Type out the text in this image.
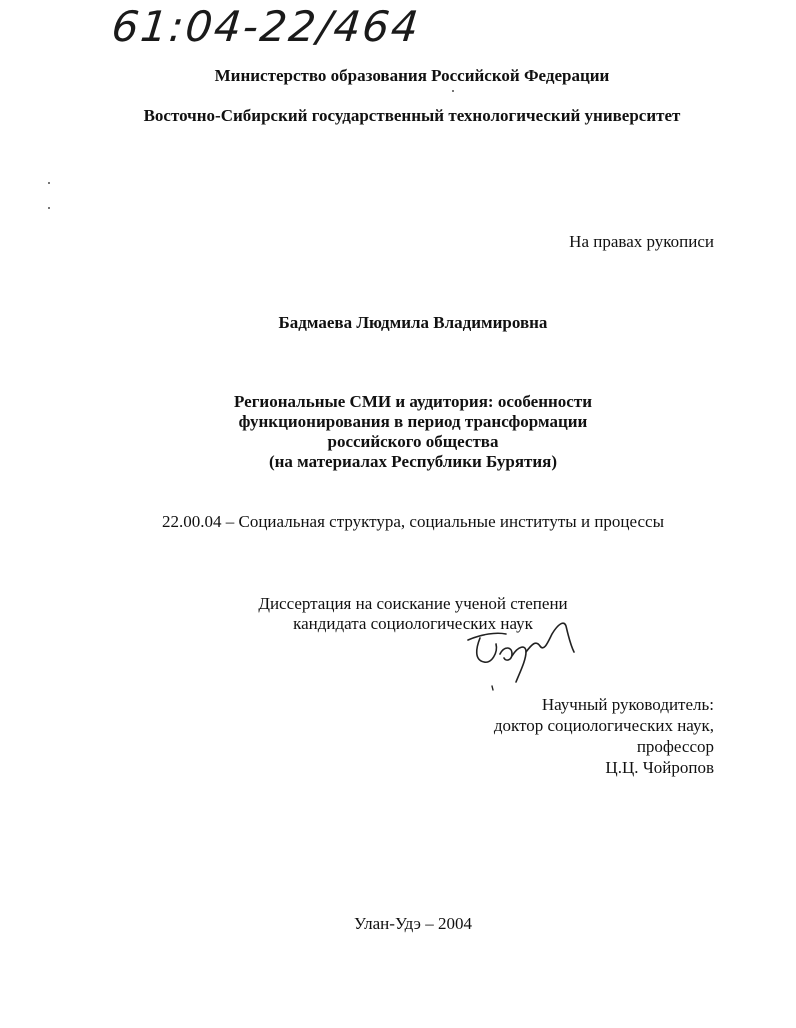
61:04-22/464
Министерство образования Российской Федерации
Восточно-Сибирский государственный технологический университет
На правах рукописи
Бадмаева Людмила Владимировна
Региональные СМИ и аудитория: особенности
функционирования в период трансформации
российского общества
(на материалах Республики Бурятия)
22.00.04 – Социальная структура, социальные институты и процессы
Диссертация на соискание ученой степени
кандидата социологических наук
Научный руководитель:
доктор социологических наук,
профессор
Ц.Ц. Чойропов
Улан-Удэ – 2004
